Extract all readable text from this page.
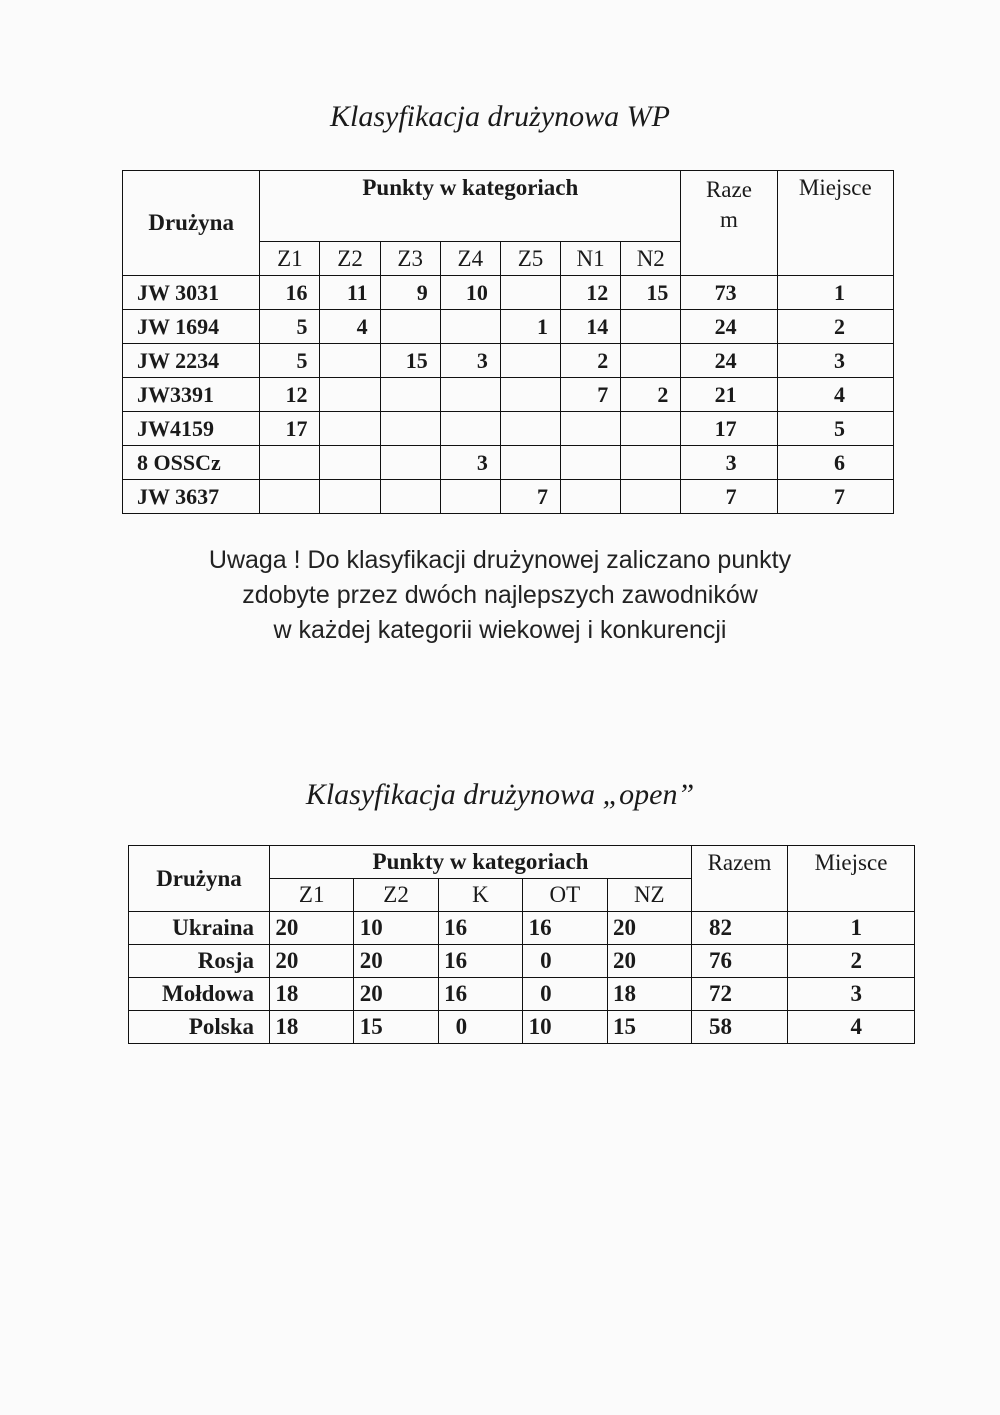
Klasyfikacja drużynowa WP
Drużyna	Punkty w kategoriach							Raze
m	Miejsce
	Z1	Z2	Z3	Z4	Z5	N1	N2		
JW 3031	16	11	9	10		12	15	73	1
JW 1694	5	4			1	14		24	2
JW 2234	5		15	3		2		24	3
JW3391	12					7	2	21	4
JW4159	17							17	5
8 OSSCz				3				3	6
JW 3637					7			7	7
Uwaga ! Do klasyfikacji drużynowej zaliczano punkty
zdobyte przez dwóch najlepszych zawodników
w każdej kategorii wiekowej i konkurencji
Klasyfikacja drużynowa „open”
Drużyna	Punkty w kategoriach					Razem	Miejsce
	Z1	Z2	K	OT	NZ		
Ukraina	20	10	16	16	20	82	1
Rosja	20	20	16	0	20	76	2
Mołdowa	18	20	16	0	18	72	3
Polska	18	15	0	10	15	58	4
